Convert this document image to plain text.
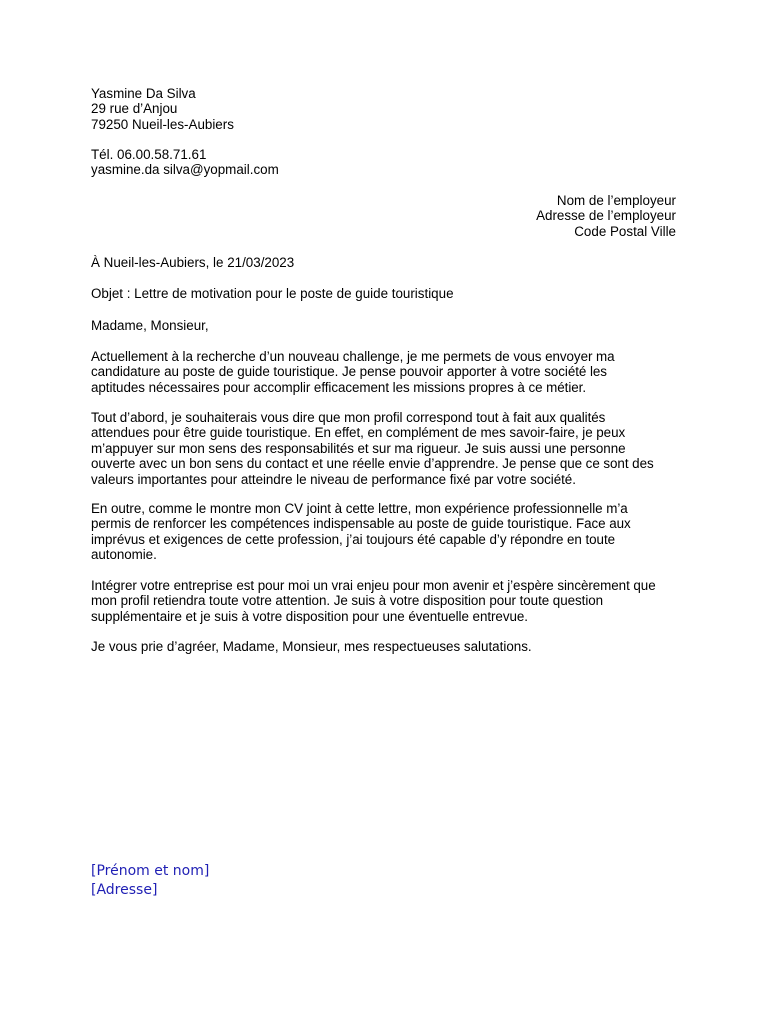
Yasmine Da Silva
29 rue d’Anjou
79250 Nueil-les-Aubiers
Tél. 06.00.58.71.61
yasmine.da silva@yopmail.com
Nom de l’employeur
Adresse de l’employeur
Code Postal Ville
À Nueil-les-Aubiers, le 21/03/2023
Objet : Lettre de motivation pour le poste de guide touristique
Madame, Monsieur,
Actuellement à la recherche d’un nouveau challenge, je me permets de vous envoyer ma
candidature au poste de guide touristique. Je pense pouvoir apporter à votre société les
aptitudes nécessaires pour accomplir efficacement les missions propres à ce métier.
Tout d’abord, je souhaiterais vous dire que mon profil correspond tout à fait aux qualités
attendues pour être guide touristique. En effet, en complément de mes savoir-faire, je peux
m’appuyer sur mon sens des responsabilités et sur ma rigueur. Je suis aussi une personne
ouverte avec un bon sens du contact et une réelle envie d’apprendre. Je pense que ce sont des
valeurs importantes pour atteindre le niveau de performance fixé par votre société.
En outre, comme le montre mon CV joint à cette lettre, mon expérience professionnelle m’a
permis de renforcer les compétences indispensable au poste de guide touristique. Face aux
imprévus et exigences de cette profession, j’ai toujours été capable d’y répondre en toute
autonomie.
Intégrer votre entreprise est pour moi un vrai enjeu pour mon avenir et j’espère sincèrement que
mon profil retiendra toute votre attention. Je suis à votre disposition pour toute question
supplémentaire et je suis à votre disposition pour une éventuelle entrevue.
Je vous prie d’agréer, Madame, Monsieur, mes respectueuses salutations.
[Prénom et nom]
[Adresse]
